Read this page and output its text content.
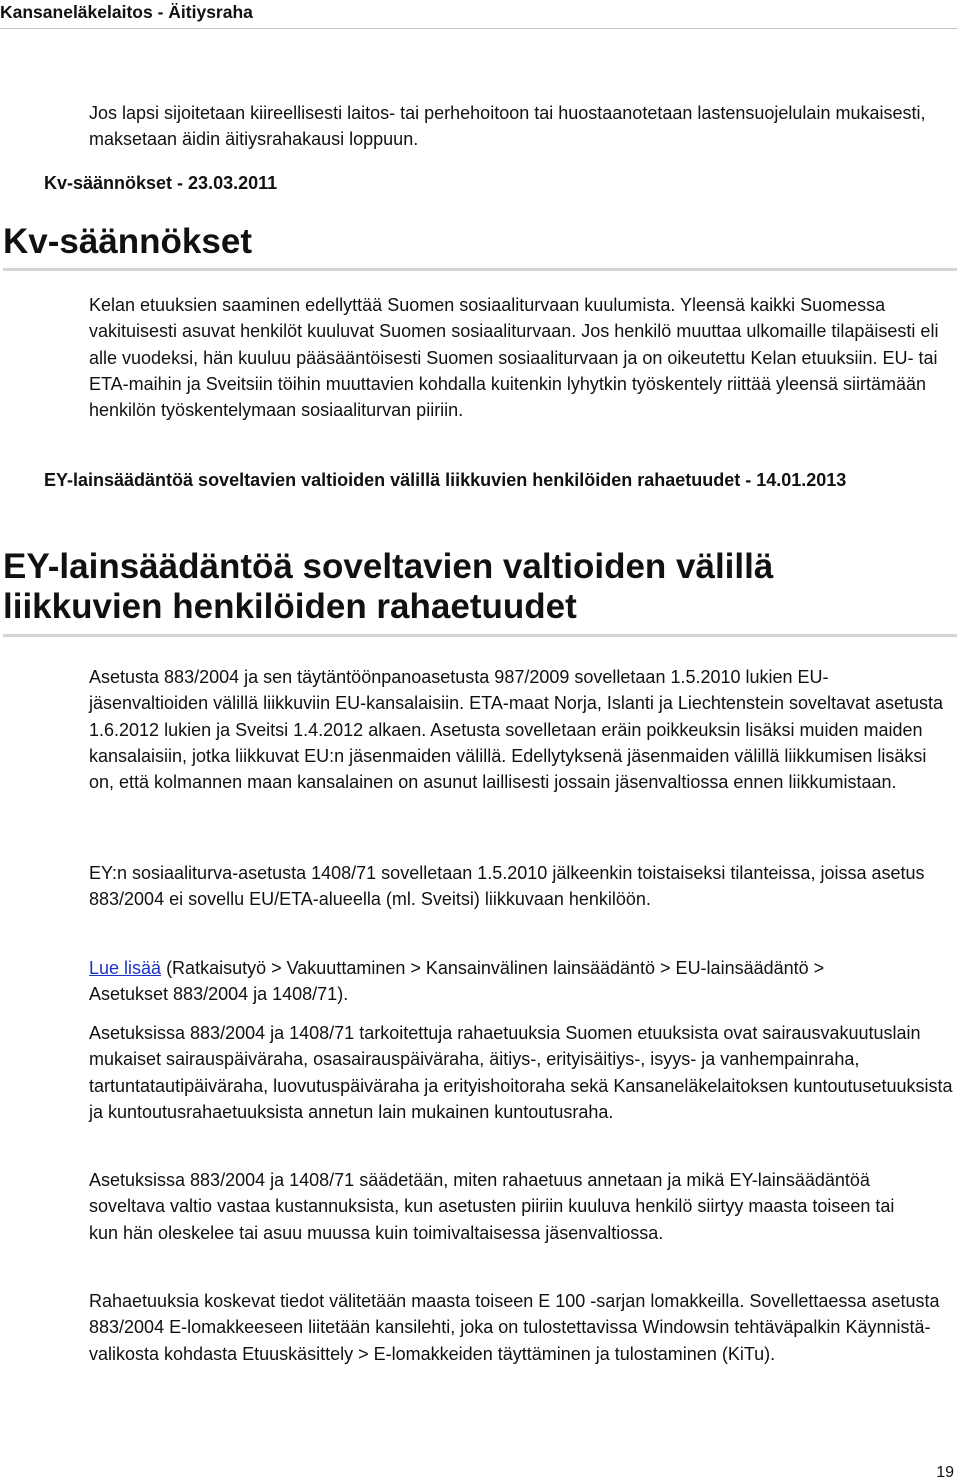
Kansaneläkelaitos - Äitiysraha

Jos lapsi sijoitetaan kiireellisesti laitos- tai perhehoitoon tai huostaanotetaan lastensuojelulain mukaisesti, maksetaan äidin äitiysrahakausi loppuun.

Kv-säännökset - 23.03.2011
Kv-säännökset

Kelan etuuksien saaminen edellyttää Suomen sosiaaliturvaan kuulumista. Yleensä kaikki Suomessa vakituisesti asuvat henkilöt kuuluvat Suomen sosiaaliturvaan. Jos henkilö muuttaa ulkomaille tilapäisesti eli alle vuodeksi, hän kuuluu pääsääntöisesti Suomen sosiaaliturvaan ja on oikeutettu Kelan etuuksiin. EU- tai ETA-maihin ja Sveitsiin töihin muuttavien kohdalla kuitenkin lyhytkin työskentely riittää yleensä siirtämään henkilön työskentelymaan sosiaaliturvan piiriin.

EY-lainsäädäntöä soveltavien valtioiden välillä liikkuvien henkilöiden rahaetuudet - 14.01.2013
EY-lainsäädäntöä soveltavien valtioiden välillä liikkuvien henkilöiden rahaetuudet

Asetusta 883/2004 ja sen täytäntöönpanoasetusta 987/2009 sovelletaan 1.5.2010 lukien EU-jäsenvaltioiden välillä liikkuviin EU-kansalaisiin. ETA-maat Norja, Islanti ja Liechtenstein soveltavat asetusta 1.6.2012 lukien ja Sveitsi 1.4.2012 alkaen. Asetusta sovelletaan eräin poikkeuksin lisäksi muiden maiden kansalaisiin, jotka liikkuvat EU:n jäsenmaiden välillä. Edellytyksenä jäsenmaiden välillä liikkumisen lisäksi on, että kolmannen maan kansalainen on asunut laillisesti jossain jäsenvaltiossa ennen liikkumistaan.

EY:n sosiaaliturva-asetusta 1408/71 sovelletaan 1.5.2010 jälkeenkin toistaiseksi tilanteissa, joissa asetus 883/2004 ei sovellu EU/ETA-alueella (ml. Sveitsi) liikkuvaan henkilöön.

Lue lisää (Ratkaisutyö > Vakuuttaminen > Kansainvälinen lainsäädäntö > EU-lainsäädäntö > Asetukset 883/2004 ja 1408/71).

Asetuksissa 883/2004 ja 1408/71 tarkoitettuja rahaetuuksia Suomen etuuksista ovat sairausvakuutuslain mukaiset sairauspäiväraha, osasairauspäiväraha, äitiys-, erityisäitiys-, isyys- ja vanhempainraha, tartuntatautipäiväraha, luovutuspäiväraha ja erityishoitoraha sekä Kansaneläkelaitoksen kuntoutusetuuksista ja kuntoutusrahaetuuksista annetun lain mukainen kuntoutusraha.

Asetuksissa 883/2004 ja 1408/71 säädetään, miten rahaetuus annetaan ja mikä EY-lainsäädäntöä soveltava valtio vastaa kustannuksista, kun asetusten piiriin kuuluva henkilö siirtyy maasta toiseen tai kun hän oleskelee tai asuu muussa kuin toimivaltaisessa jäsenvaltiossa.

Rahaetuuksia koskevat tiedot välitetään maasta toiseen E 100 -sarjan lomakkeilla. Sovellettaessa asetusta 883/2004 E-lomakkeeseen liitetään kansilehti, joka on tulostettavissa Windowsin tehtäväpalkin Käynnistä-valikosta kohdasta Etuuskäsittely > E-lomakkeiden täyttäminen ja tulostaminen (KiTu).

19
